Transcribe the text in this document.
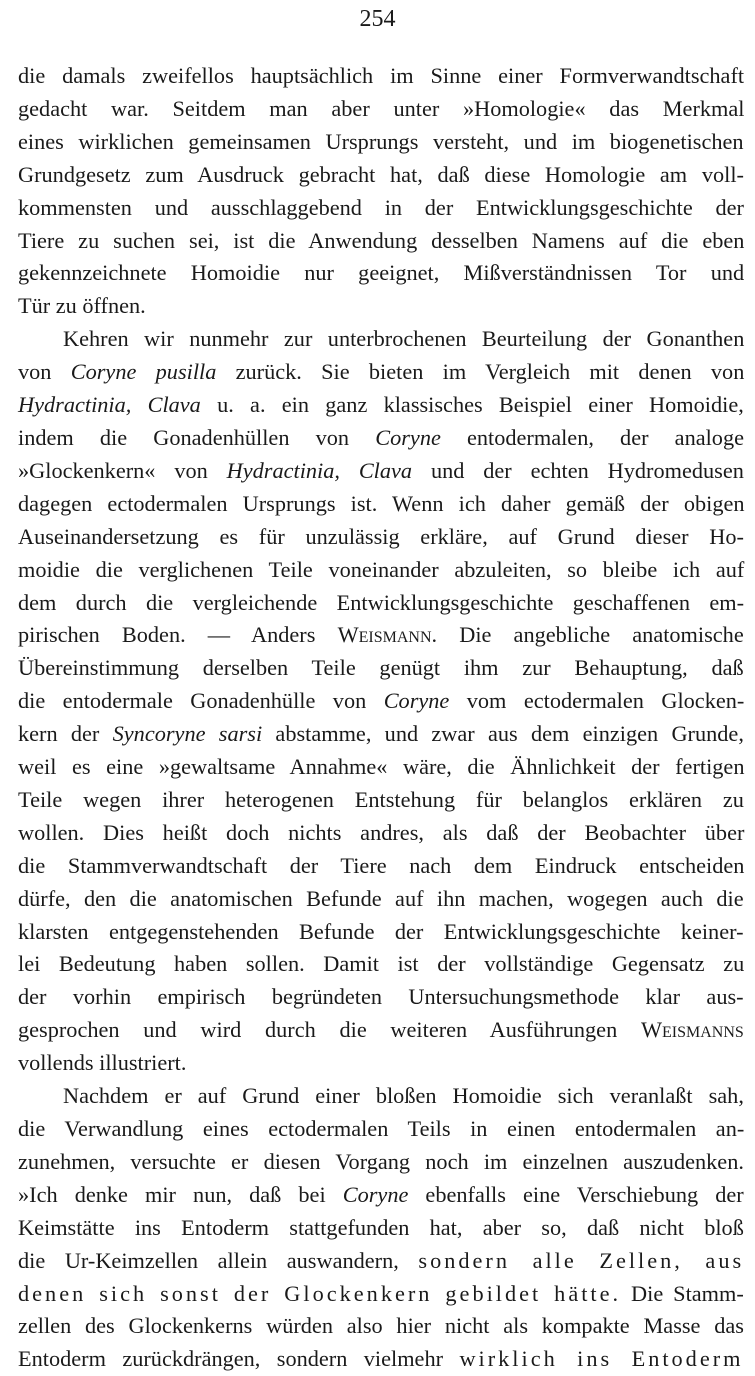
254
die damals zweifellos hauptsächlich im Sinne einer Formverwandtschaft
gedacht war. Seitdem man aber unter »Homologie« das Merkmal
eines wirklichen gemeinsamen Ursprungs versteht, und im biogenetischen
Grundgesetz zum Ausdruck gebracht hat, daß diese Homologie am voll-
kommensten und ausschlaggebend in der Entwicklungsgeschichte der
Tiere zu suchen sei, ist die Anwendung desselben Namens auf die eben
gekennzeichnete Homoidie nur geeignet, Mißverständnissen Tor und
Tür zu öffnen.
Kehren wir nunmehr zur unterbrochenen Beurteilung der Gonanthen
von Coryne pusilla zurück. Sie bieten im Vergleich mit denen von
Hydractinia, Clava u. a. ein ganz klassisches Beispiel einer Homoidie,
indem die Gonadenhüllen von Coryne entodermalen, der analoge
»Glockenkern« von Hydractinia, Clava und der echten Hydromedusen
dagegen ectodermalen Ursprungs ist. Wenn ich daher gemäß der obigen
Auseinandersetzung es für unzulässig erkläre, auf Grund dieser Ho-
moidie die verglichenen Teile voneinander abzuleiten, so bleibe ich auf
dem durch die vergleichende Entwicklungsgeschichte geschaffenen em-
pirischen Boden. — Anders Weismann. Die angebliche anatomische
Übereinstimmung derselben Teile genügt ihm zur Behauptung, daß
die entodermale Gonadenhülle von Coryne vom ectodermalen Glocken-
kern der Syncoryne sarsi abstamme, und zwar aus dem einzigen Grunde,
weil es eine »gewaltsame Annahme« wäre, die Ähnlichkeit der fertigen
Teile wegen ihrer heterogenen Entstehung für belanglos erklären zu
wollen. Dies heißt doch nichts andres, als daß der Beobachter über
die Stammverwandtschaft der Tiere nach dem Eindruck entscheiden
dürfe, den die anatomischen Befunde auf ihn machen, wogegen auch die
klarsten entgegenstehenden Befunde der Entwicklungsgeschichte keiner-
lei Bedeutung haben sollen. Damit ist der vollständige Gegensatz zu
der vorhin empirisch begründeten Untersuchungsmethode klar aus-
gesprochen und wird durch die weiteren Ausführungen Weismanns
vollends illustriert.
Nachdem er auf Grund einer bloßen Homoidie sich veranlaßt sah,
die Verwandlung eines ectodermalen Teils in einen entodermalen an-
zunehmen, versuchte er diesen Vorgang noch im einzelnen auszudenken.
»Ich denke mir nun, daß bei Coryne ebenfalls eine Verschiebung der
Keimstätte ins Entoderm stattgefunden hat, aber so, daß nicht bloß
die Ur-Keimzellen allein auswandern, sondern alle Zellen, aus
denen sich sonst der Glockenkern gebildet hätte. Die Stamm-
zellen des Glockenkerns würden also hier nicht als kompakte Masse das
Entoderm zurückdrängen, sondern vielmehr wirklich ins Entoderm
